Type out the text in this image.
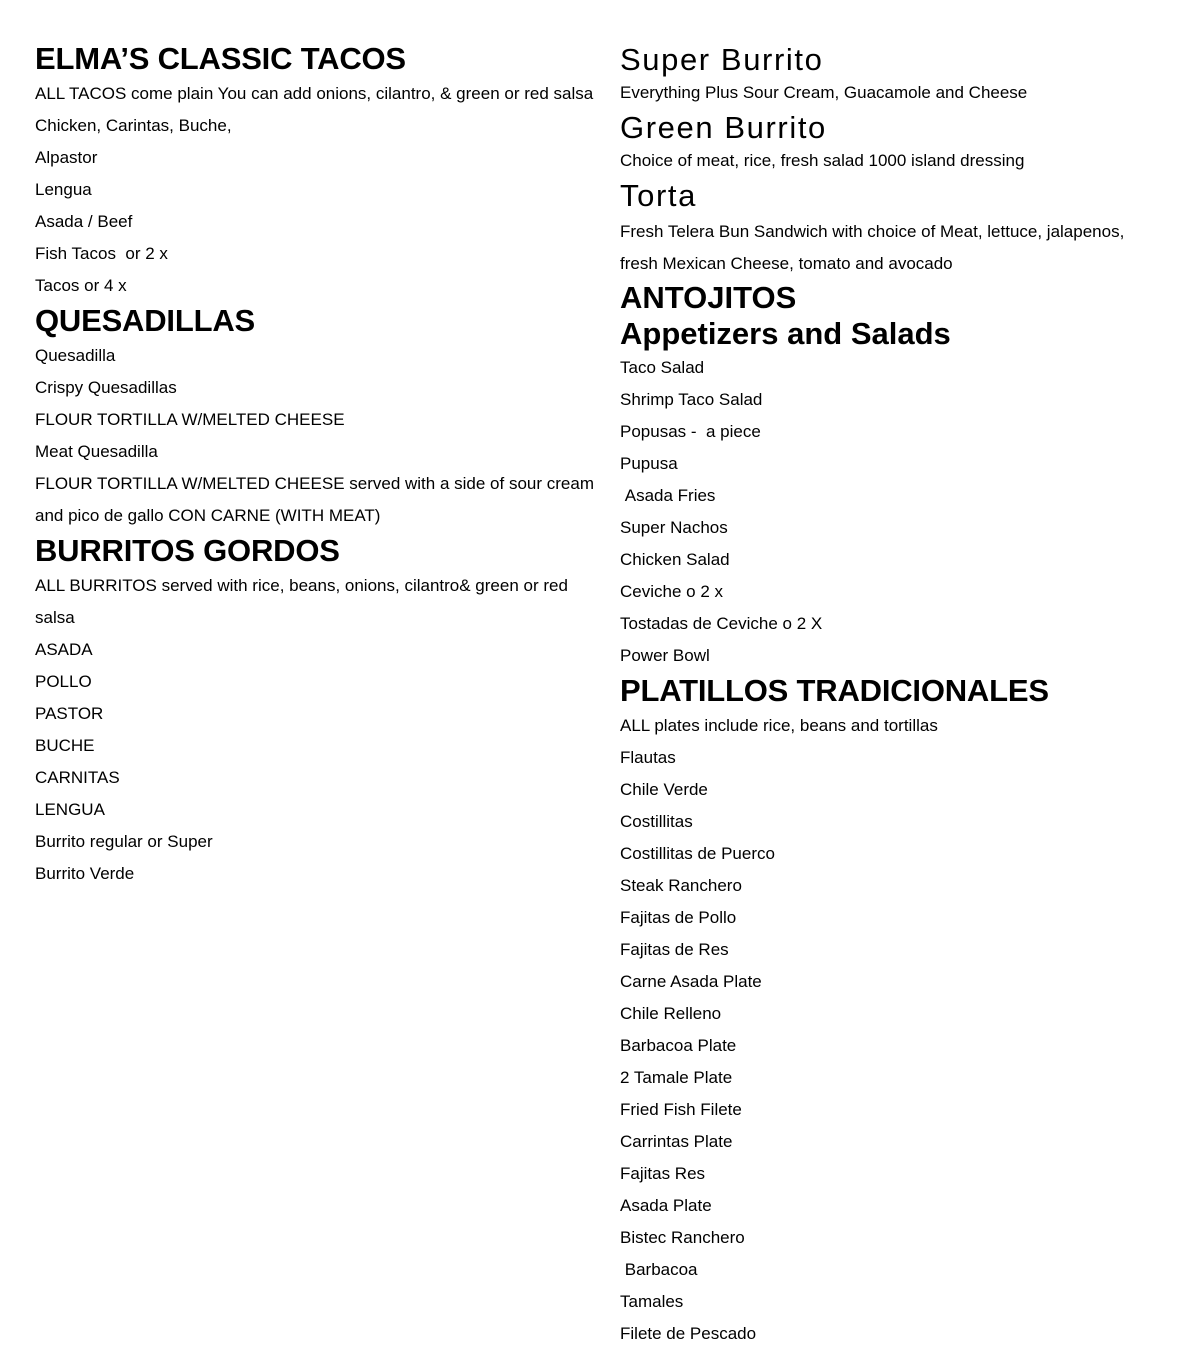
ELMA’S CLASSIC TACOS

ALL TACOS come plain You can add onions, cilantro, & green or red salsa

Chicken, Carintas, Buche,

Alpastor

Lengua

Asada / Beef

Fish Tacos  or 2 x

Tacos or 4 x

QUESADILLAS

Quesadilla

Crispy Quesadillas

FLOUR TORTILLA W/MELTED CHEESE

Meat Quesadilla

FLOUR TORTILLA W/MELTED CHEESE served with a side of sour cream and pico de gallo CON CARNE (WITH MEAT)

BURRITOS GORDOS

ALL BURRITOS served with rice, beans, onions, cilantro& green or red salsa

ASADA

POLLO

PASTOR

BUCHE

CARNITAS

LENGUA

Burrito regular or Super

Burrito Verde

Super Burrito

Everything Plus Sour Cream, Guacamole and Cheese

Green Burrito

Choice of meat, rice, fresh salad 1000 island dressing

Torta

Fresh Telera Bun Sandwich with choice of Meat, lettuce, jalapenos, fresh Mexican Cheese, tomato and avocado

ANTOJITOS
Appetizers and Salads

Taco Salad

Shrimp Taco Salad

Popusas -  a piece

Pupusa

Asada Fries

Super Nachos

Chicken Salad

Ceviche o 2 x

Tostadas de Ceviche o 2 X

Power Bowl

PLATILLOS TRADICIONALES

ALL plates include rice, beans and tortillas

Flautas

Chile Verde

Costillitas

Costillitas de Puerco

Steak Ranchero

Fajitas de Pollo

Fajitas de Res

Carne Asada Plate

Chile Relleno

Barbacoa Plate

2 Tamale Plate

Fried Fish Filete

Carrintas Plate

Fajitas Res

Asada Plate

Bistec Ranchero

Barbacoa

Tamales

Filete de Pescado
